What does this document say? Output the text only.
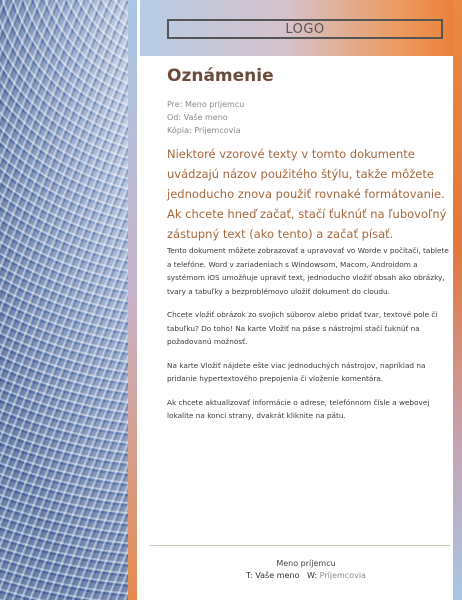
LOGO
Oznámenie
Pre: Meno prijemcu
Od: Vaše meno
Kópia: Príjemcovia
Niektoré vzorové texty v tomto dokumente uvádzajú názov použitého štýlu, takže môžete jednoducho znova použiť rovnaké formátovanie. Ak chcete hneď začať, stačí ťuknúť na ľubovoľný zástupný text (ako tento) a začať písať.

Tento dokument môžete zobrazovať a upravovať vo Worde v počítači, tablete a telefóne. Word v zariadeniach s Windowsom, Macom, Androidom a systémom iOS umožňuje upraviť text, jednoducho vložiť obsah ako obrázky, tvary a tabuľky a bezproblémovo uložiť dokument do cloudu.

Chcete vložiť obrázok zo svojich súborov alebo pridať tvar, textové pole či tabuľku? Do toho! Na karte Vložiť na páse s nástrojmi stačí ťuknúť na požadovanú možnosť.

Na karte Vložiť nájdete ešte viac jednoduchých nástrojov, napríklad na pridanie hypertextového prepojenia či vloženie komentára.

Ak chcete aktualizovať informácie o adrese, telefónnom čísle a webovej lokalite na konci strany, dvakrát kliknite na pätu.

Meno príjemcu
T: Vaše meno W: Príjemcovia
